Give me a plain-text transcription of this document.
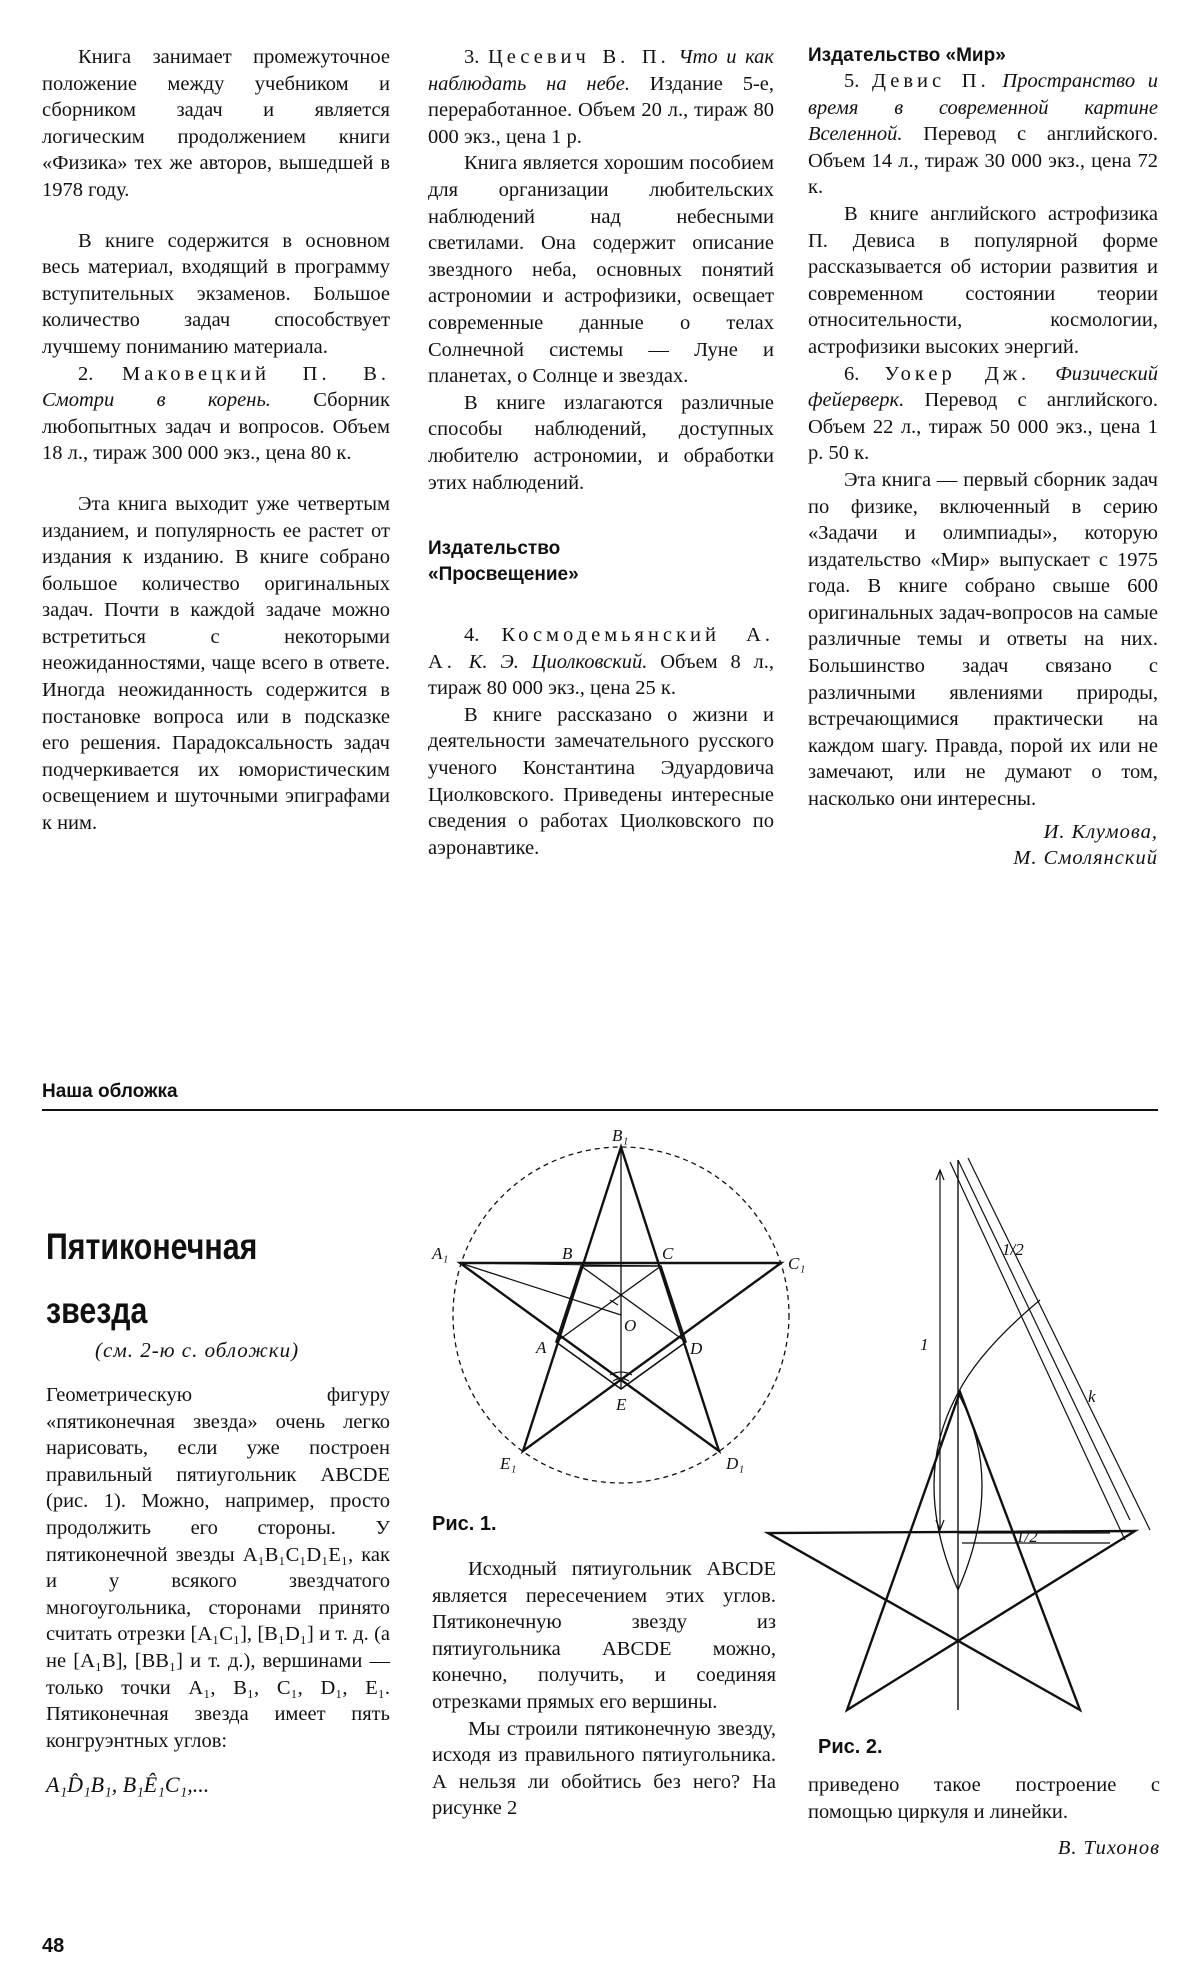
Книга занимает промежуточное положение между учебником и сборником задач и является логическим продолжением книги «Физика» тех же авторов, вышедшей в 1978 году.

В книге содержится в основном весь материал, входящий в программу вступительных экзаменов. Большое количество задач способствует лучшему пониманию материала.

2. Маковецкий П. В. Смотри в корень. Сборник любопытных задач и вопросов. Объем 18 л., тираж 300 000 экз., цена 80 к.

Эта книга выходит уже четвертым изданием, и популярность ее растет от издания к изданию. В книге собрано большое количество оригинальных задач. Почти в каждой задаче можно встретиться с некоторыми неожиданностями, чаще всего в ответе. Иногда неожиданность содержится в постановке вопроса или в подсказке его решения. Парадоксальность задач подчеркивается их юмористическим освещением и шуточными эпиграфами к ним.

3. Цесевич В. П. Что и как наблюдать на небе. Издание 5-е, переработанное. Объем 20 л., тираж 80 000 экз., цена 1 р.

Книга является хорошим пособием для организации любительских наблюдений над небесными светилами. Она содержит описание звездного неба, основных понятий астрономии и астрофизики, освещает современные данные о телах Солнечной системы — Луне и планетах, о Солнце и звездах.

В книге излагаются различные способы наблюдений, доступных любителю астрономии, и обработки этих наблюдений.

Издательство «Просвещение»

4. Космодемьянский А. А. К. Э. Циолковский. Объем 8 л., тираж 80 000 экз., цена 25 к.

В книге рассказано о жизни и деятельности замечательного русского ученого Константина Эдуардовича Циолковского. Приведены интересные сведения о работах Циолковского по аэронавтике.

Издательство «Мир»

5. Девис П. Пространство и время в современной картине Вселенной. Перевод с английского. Объем 14 л., тираж 30 000 экз., цена 72 к.

В книге английского астрофизика П. Девиса в популярной форме рассказывается об истории развития и современном состоянии теории относительности, космологии, астрофизики высоких энергий.

6. Уокер Дж. Физический фейерверк. Перевод с английского. Объем 22 л., тираж 50 000 экз., цена 1 р. 50 к.

Эта книга — первый сборник задач по физике, включенный в серию «Задачи и олимпиады», которую издательство «Мир» выпускает с 1975 года. В книге собрано свыше 600 оригинальных задач-вопросов на самые различные темы и ответы на них. Большинство задач связано с различными явлениями природы, встречающимися практически на каждом шагу. Правда, порой их или не замечают, или не думают о том, насколько они интересны.

И. Клумова,

М. Смолянский

Наша обложка

Пятиконечная звезда

(см. 2-ю с. обложки)

Геометрическую фигуру «пятиконечная звезда» очень легко нарисовать, если уже построен правильный пятиугольник ABCDE (рис. 1). Можно, например, просто продолжить его стороны. У пятиконечной звезды A₁B₁C₁D₁E₁, как и у всякого звездчатого многоугольника, сторонами принято считать отрезки [A₁C₁], [B₁D₁] и т. д. (а не [A₁B], [BB₁] и т. д.), вершинами — только точки A₁, B₁, C₁, D₁, E₁. Пятиконечная звезда имеет пять конгруэнтных углов:

A₁D̂₁B₁, B₁Ê₁C₁,...

Исходный пятиугольник ABCDE является пересечением этих углов. Пятиконечную звезду из пятиугольника ABCDE можно, конечно, получить, и соединяя отрезками прямых его вершины.

Мы строили пятиконечную звезду, исходя из правильного пятиугольника. А нельзя ли обойтись без него? На рисунке 2

приведено такое построение с помощью циркуля и линейки.

В. Тихонов

B₁
A₁
C₁
B	C
A
O
D
E
E₁	D₁
1/2
1
k
1/2

Рис. 1.

Рис. 2.

48
